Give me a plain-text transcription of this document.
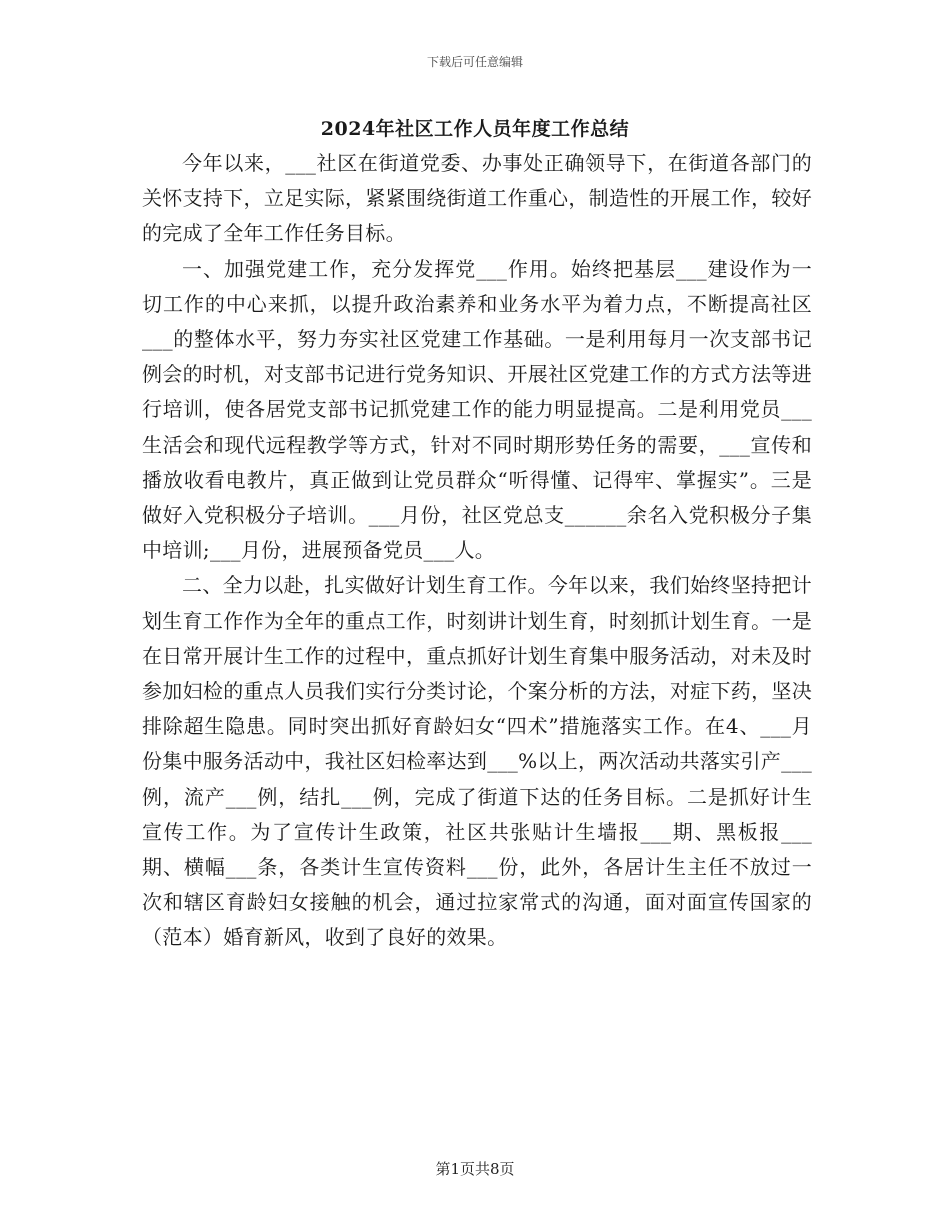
下载后可任意编辑
2024年社区工作人员年度工作总结

今年以来，___社区在街道党委、办事处正确领导下，在街道各部门的关怀支持下，立足实际，紧紧围绕街道工作重心，制造性的开展工作，较好的完成了全年工作任务目标。

一、加强党建工作，充分发挥党___作用。始终把基层___建设作为一切工作的中心来抓，以提升政治素养和业务水平为着力点，不断提高社区___的整体水平，努力夯实社区党建工作基础。一是利用每月一次支部书记例会的时机，对支部书记进行党务知识、开展社区党建工作的方式方法等进行培训，使各居党支部书记抓党建工作的能力明显提高。二是利用党员___生活会和现代远程教学等方式，针对不同时期形势任务的需要，___宣传和播放收看电教片，真正做到让党员群众“听得懂、记得牢、掌握实”。三是做好入党积极分子培训。___月份，社区党总支______余名入党积极分子集中培训;___月份，进展预备党员___人。

二、全力以赴，扎实做好计划生育工作。今年以来，我们始终坚持把计划生育工作作为全年的重点工作，时刻讲计划生育，时刻抓计划生育。一是在日常开展计生工作的过程中，重点抓好计划生育集中服务活动，对未及时参加妇检的重点人员我们实行分类讨论，个案分析的方法，对症下药，坚决排除超生隐患。同时突出抓好育龄妇女“四术”措施落实工作。在4、___月份集中服务活动中，我社区妇检率达到___%以上，两次活动共落实引产___例，流产___例，结扎___例，完成了街道下达的任务目标。二是抓好计生宣传工作。为了宣传计生政策，社区共张贴计生墙报___期、黑板报___期、横幅___条，各类计生宣传资料___份，此外，各居计生主任不放过一次和辖区育龄妇女接触的机会，通过拉家常式的沟通，面对面宣传国家的（范本）婚育新风，收到了良好的效果。

第1页共8页
